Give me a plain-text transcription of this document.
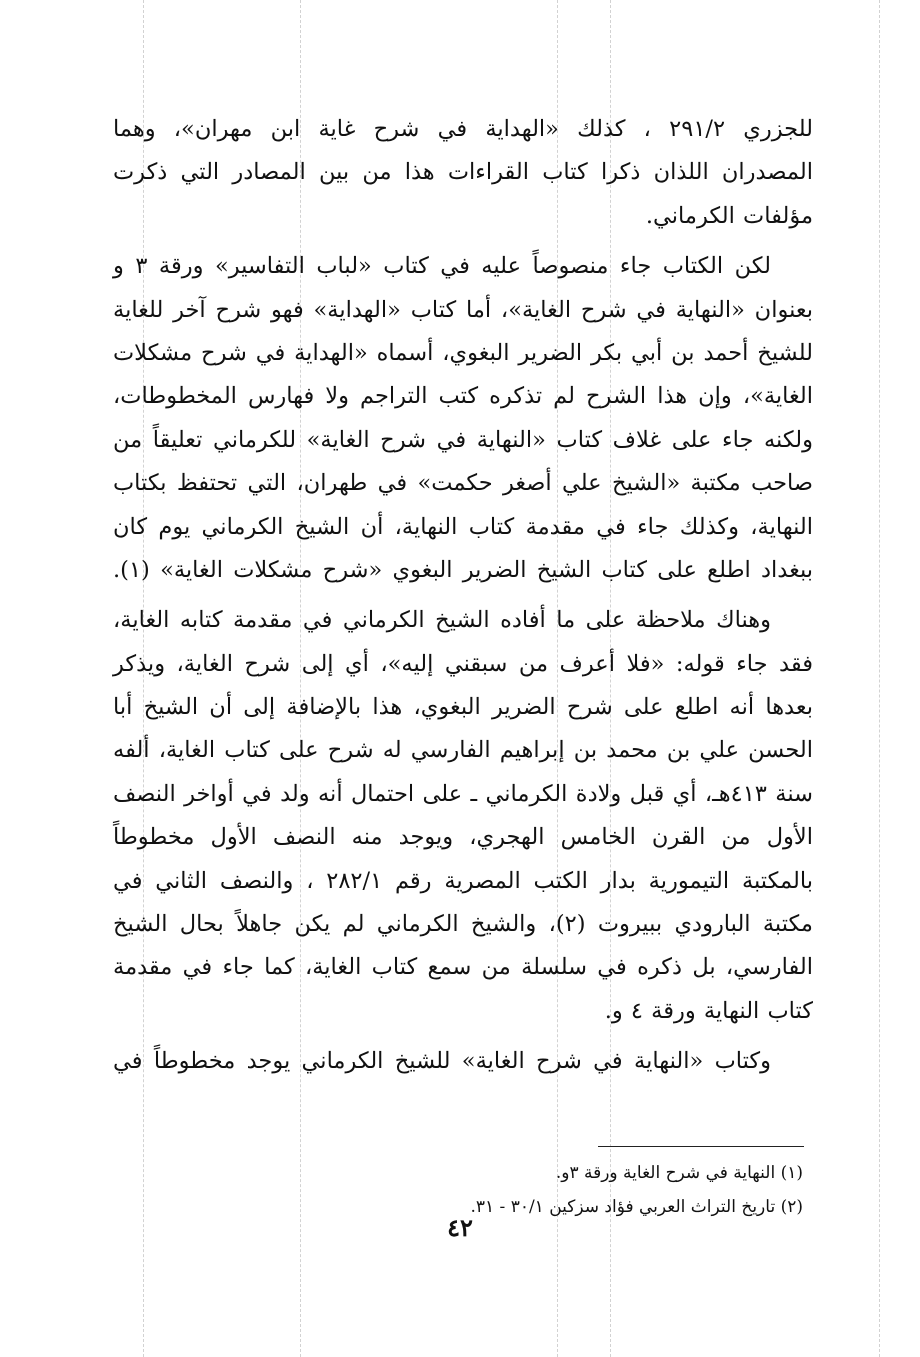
للجزري ٢٩١/٢ ، كذلك «الهداية في شرح غاية ابن مهران»، وهما
المصدران اللذان ذكرا كتاب القراءات هذا من بين المصادر التي ذكرت
مؤلفات الكرماني.
لكن الكتاب جاء منصوصاً عليه في كتاب «لباب التفاسير» ورقة ٣ و
بعنوان «النهاية في شرح الغاية»، أما كتاب «الهداية» فهو شرح آخر للغاية
للشيخ أحمد بن أبي بكر الضرير البغوي، أسماه «الهداية في شرح مشكلات
الغاية»، وإن هذا الشرح لم تذكره كتب التراجم ولا فهارس المخطوطات،
ولكنه جاء على غلاف كتاب «النهاية في شرح الغاية» للكرماني تعليقاً من
صاحب مكتبة «الشيخ علي أصغر حكمت» في طهران، التي تحتفظ بكتاب
النهاية، وكذلك جاء في مقدمة كتاب النهاية، أن الشيخ الكرماني يوم كان
ببغداد اطلع على كتاب الشيخ الضرير البغوي «شرح مشكلات الغاية» (١).
وهناك ملاحظة على ما أفاده الشيخ الكرماني في مقدمة كتابه الغاية،
فقد جاء قوله: «فلا أعرف من سبقني إليه»، أي إلى شرح الغاية، ويذكر
بعدها أنه اطلع على شرح الضرير البغوي، هذا بالإضافة إلى أن الشيخ أبا
الحسن علي بن محمد بن إبراهيم الفارسي له شرح على كتاب الغاية، ألفه
سنة ٤١٣هـ، أي قبل ولادة الكرماني ـ على احتمال أنه ولد في أواخر النصف
الأول من القرن الخامس الهجري، ويوجد منه النصف الأول مخطوطاً
بالمكتبة التيمورية بدار الكتب المصرية رقم ٢٨٢/١ ، والنصف الثاني في
مكتبة البارودي ببيروت (٢)، والشيخ الكرماني لم يكن جاهلاً بحال الشيخ
الفارسي، بل ذكره في سلسلة من سمع كتاب الغاية، كما جاء في مقدمة
كتاب النهاية ورقة ٤ و.
وكتاب «النهاية في شرح الغاية» للشيخ الكرماني يوجد مخطوطاً في
(١) النهاية في شرح الغاية ورقة ٣و.
(٢) تاريخ التراث العربي فؤاد سزكين ٣٠/١ - ٣١.
٤٢
